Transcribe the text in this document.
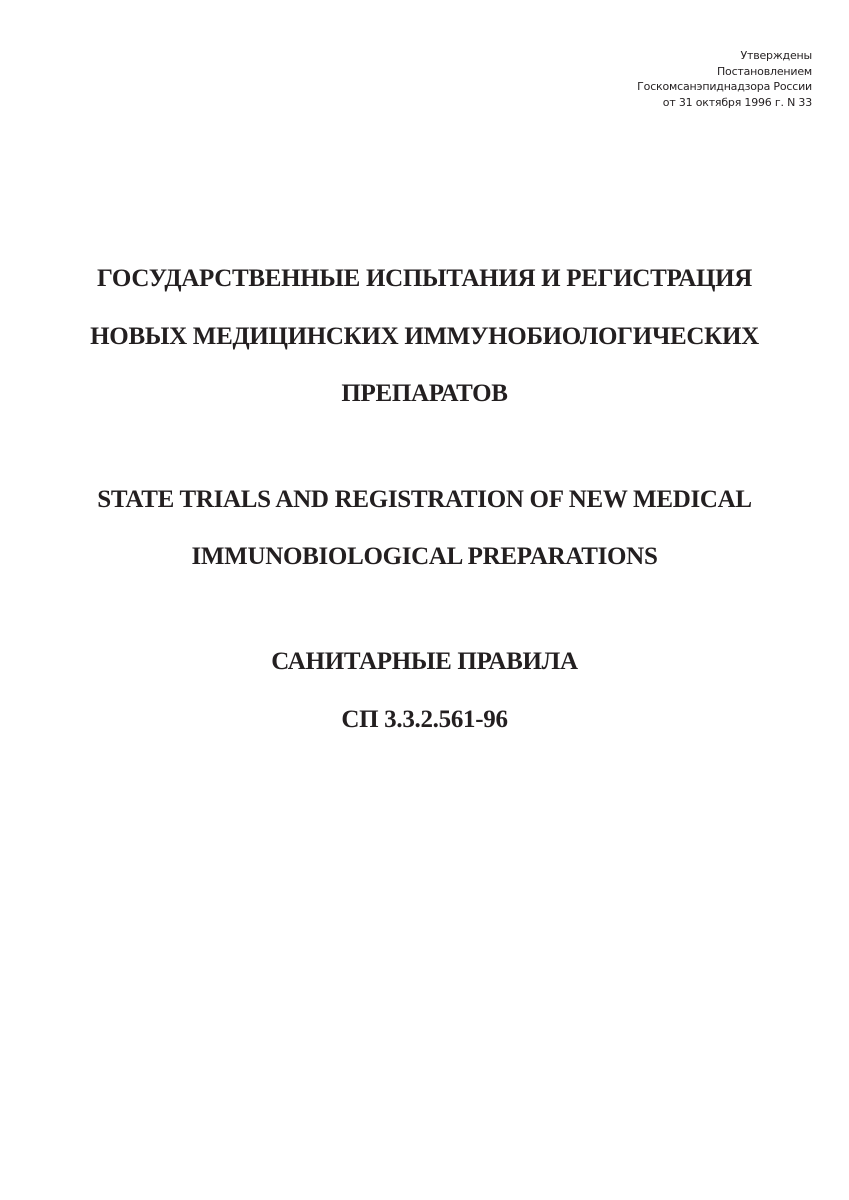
Утверждены
Постановлением
Госкомсанэпиднадзора России
от 31 октября 1996 г. N 33
ГОСУДАРСТВЕННЫЕ ИСПЫТАНИЯ И РЕГИСТРАЦИЯ
НОВЫХ МЕДИЦИНСКИХ ИММУНОБИОЛОГИЧЕСКИХ
ПРЕПАРАТОВ
STATE TRIALS AND REGISTRATION OF NEW MEDICAL
IMMUNOBIOLOGICAL PREPARATIONS
САНИТАРНЫЕ ПРАВИЛА
СП 3.3.2.561-96
